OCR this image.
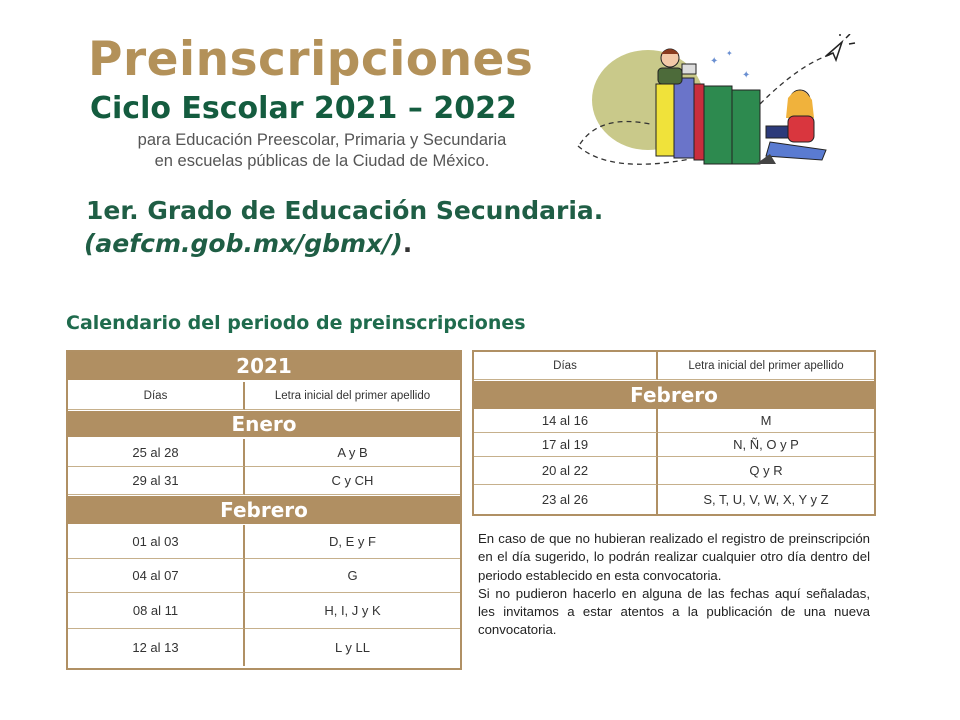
Preinscripciones
Ciclo Escolar 2021 – 2022
para Educación Preescolar, Primaria y Secundaria
en escuelas públicas de la Ciudad de México.
✦
✦
✦
1er. Grado de Educación Secundaria.
(aefcm.gob.mx/gbmx/).
Calendario del periodo de preinscripciones
2021
Días	Letra inicial del primer apellido
Enero
25 al 28	A y B
29 al 31	C y CH
Febrero
01 al 03	D, E y F
04 al 07	G
08 al 11	H, I, J y K
12 al 13	L y LL
Días	Letra inicial del primer apellido
Febrero
14 al 16	M
17 al 19	N, Ñ, O y P
20 al 22	Q y R
23 al 26	S, T, U, V, W, X, Y y Z

En caso de que no hubieran realizado el registro de preinscripción en el día sugerido, lo podrán realizar cualquier otro día dentro del periodo establecido en esta convocatoria.

Si no pudieron hacerlo en alguna de las fechas aquí señaladas, les invitamos a estar atentos a la publicación de una nueva convocatoria.
